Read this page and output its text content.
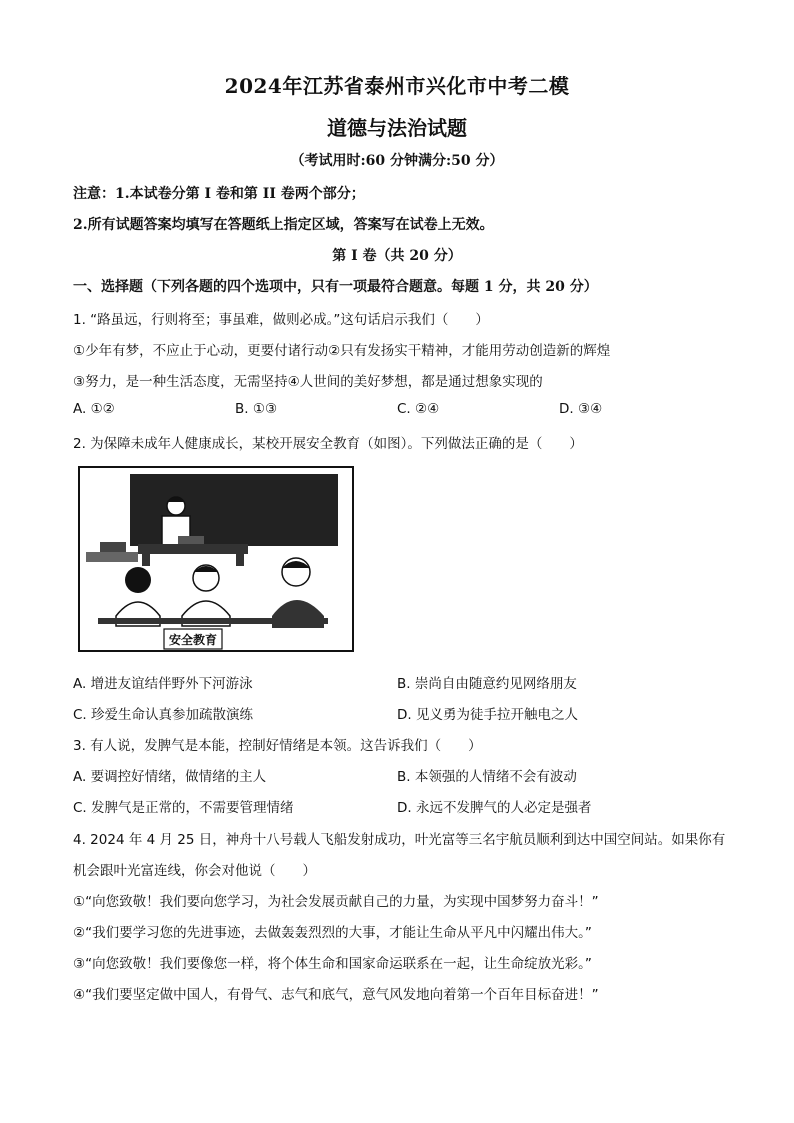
2024年江苏省泰州市兴化市中考二模
道德与法治试题
（考试用时:60 分钟满分:50 分）
注意：1.本试卷分第 I 卷和第 II 卷两个部分；
2.所有试题答案均填写在答题纸上指定区域，答案写在试卷上无效。
第 I 卷（共 20 分）
一、选择题（下列各题的四个选项中，只有一项最符合题意。每题 1 分，共 20 分）
1. “路虽远，行则将至；事虽难，做则必成。”这句话启示我们（　　）
①少年有梦，不应止于心动，更要付诸行动②只有发扬实干精神，才能用劳动创造新的辉煌
③努力，是一种生活态度，无需坚持④人世间的美好梦想，都是通过想象实现的
A. ①②	B. ①③	C. ②④	D. ③④
2. 为保障未成年人健康成长，某校开展安全教育（如图）。下列做法正确的是（　　）
安全教育
A. 增进友谊结伴野外下河游泳	B. 崇尚自由随意约见网络朋友
C. 珍爱生命认真参加疏散演练	D. 见义勇为徒手拉开触电之人
3. 有人说，发脾气是本能，控制好情绪是本领。这告诉我们（　　）
A. 要调控好情绪，做情绪的主人	B. 本领强的人情绪不会有波动
C. 发脾气是正常的，不需要管理情绪	D. 永远不发脾气的人必定是强者
4. 2024 年 4 月 25 日，神舟十八号载人飞船发射成功，叶光富等三名宇航员顺利到达中国空间站。如果你有
机会跟叶光富连线，你会对他说（　　）
①“向您致敬！我们要向您学习，为社会发展贡献自己的力量，为实现中国梦努力奋斗！”
②“我们要学习您的先进事迹，去做轰轰烈烈的大事，才能让生命从平凡中闪耀出伟大。”
③“向您致敬！我们要像您一样，将个体生命和国家命运联系在一起，让生命绽放光彩。”
④“我们要坚定做中国人，有骨气、志气和底气，意气风发地向着第一个百年目标奋进！”
